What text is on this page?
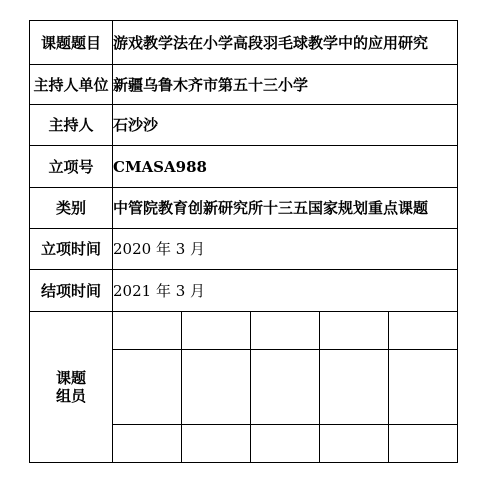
课题题目	游戏教学法在小学高段羽毛球教学中的应用研究
主持人单位	新疆乌鲁木齐市第五十三小学
主持人	石沙沙
立项号	CMASA988
类别	中管院教育创新研究所十三五国家规划重点课题
立项时间	2020 年 3 月
结项时间	2021 年 3 月
课题
组员	
